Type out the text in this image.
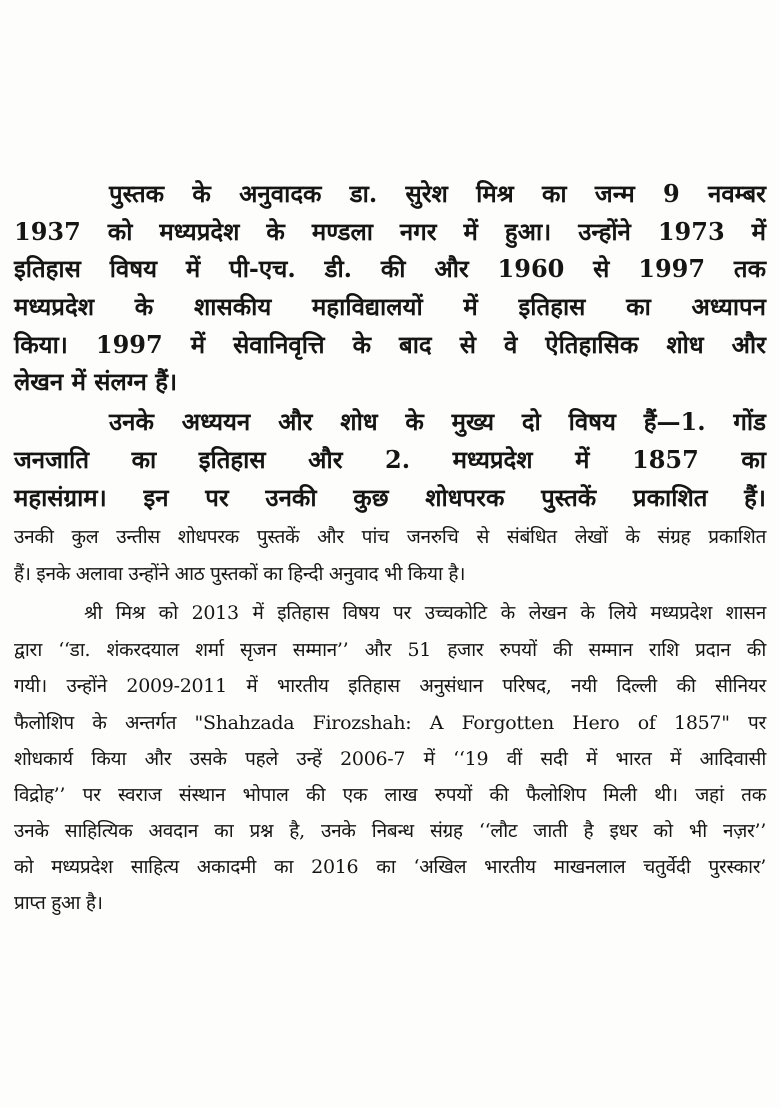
पुस्तक के अनुवादक डा. सुरेश मिश्र का जन्म 9 नवम्बर
1937 को मध्यप्रदेश के मण्डला नगर में हुआ। उन्होंने 1973 में
इतिहास विषय में पी-एच. डी. की और 1960 से 1997 तक
मध्यप्रदेश के शासकीय महाविद्यालयों में इतिहास का अध्यापन
किया। 1997 में सेवानिवृत्ति के बाद से वे ऐतिहासिक शोध और
लेखन में संलग्न हैं।
उनके अध्ययन और शोध के मुख्य दो विषय हैं—1. गोंड
जनजाति का इतिहास और 2. मध्यप्रदेश में 1857 का
महासंग्राम। इन पर उनकी कुछ शोधपरक पुस्तकें प्रकाशित हैं।
उनकी कुल उन्तीस शोधपरक पुस्तकें और पांच जनरुचि से संबंधित लेखों के संग्रह प्रकाशित
हैं। इनके अलावा उन्होंने आठ पुस्तकों का हिन्दी अनुवाद भी किया है।
श्री मिश्र को 2013 में इतिहास विषय पर उच्चकोटि के लेखन के लिये मध्यप्रदेश शासन
द्वारा ‘‘डा. शंकरदयाल शर्मा सृजन सम्मान’’ और 51 हजार रुपयों की सम्मान राशि प्रदान की
गयी। उन्होंने 2009-2011 में भारतीय इतिहास अनुसंधान परिषद, नयी दिल्ली की सीनियर
फैलोशिप के अन्तर्गत "Shahzada Firozshah: A Forgotten Hero of 1857" पर
शोधकार्य किया और उसके पहले उन्हें 2006-7 में ‘‘19 वीं सदी में भारत में आदिवासी
विद्रोह’’ पर स्वराज संस्थान भोपाल की एक लाख रुपयों की फैलोशिप मिली थी। जहां तक
उनके साहित्यिक अवदान का प्रश्न है, उनके निबन्ध संग्रह ‘‘लौट जाती है इधर को भी नज़र’’
को मध्यप्रदेश साहित्य अकादमी का 2016 का ‘अखिल भारतीय माखनलाल चतुर्वेदी पुरस्कार’
प्राप्त हुआ है।
